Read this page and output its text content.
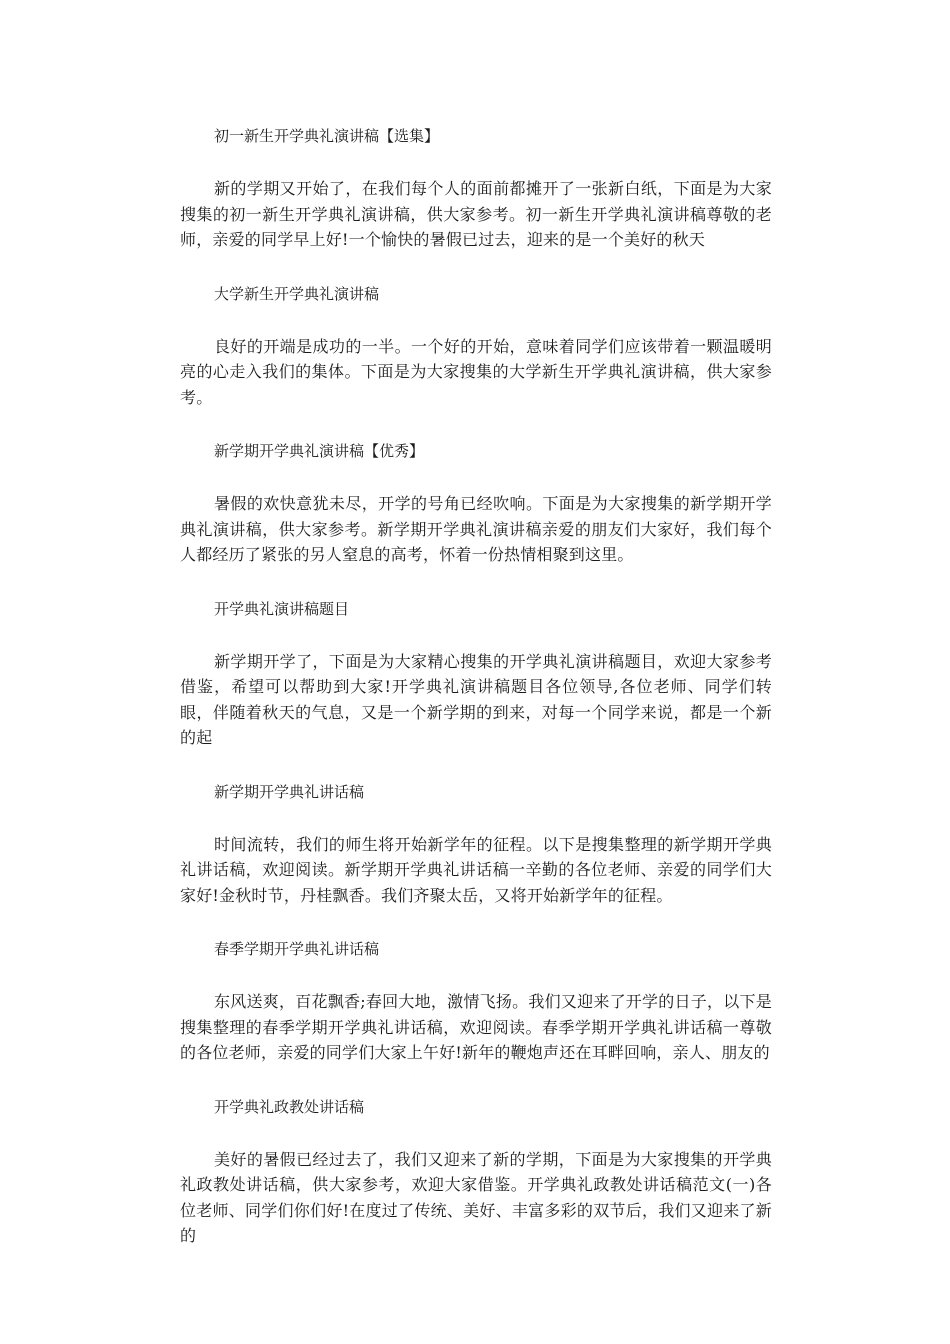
初一新生开学典礼演讲稿【选集】

新的学期又开始了，在我们每个人的面前都摊开了一张新白纸，下面是为大家搜集的初一新生开学典礼演讲稿，供大家参考。初一新生开学典礼演讲稿尊敬的老师，亲爱的同学早上好!一个愉快的暑假已过去，迎来的是一个美好的秋天

大学新生开学典礼演讲稿

良好的开端是成功的一半。一个好的开始，意味着同学们应该带着一颗温暖明亮的心走入我们的集体。下面是为大家搜集的大学新生开学典礼演讲稿，供大家参考。

新学期开学典礼演讲稿【优秀】

暑假的欢快意犹未尽，开学的号角已经吹响。下面是为大家搜集的新学期开学典礼演讲稿，供大家参考。新学期开学典礼演讲稿亲爱的朋友们大家好，我们每个人都经历了紧张的另人窒息的高考，怀着一份热情相聚到这里。

开学典礼演讲稿题目

新学期开学了，下面是为大家精心搜集的开学典礼演讲稿题目，欢迎大家参考借鉴，希望可以帮助到大家!开学典礼演讲稿题目各位领导,各位老师、同学们转眼，伴随着秋天的气息，又是一个新学期的到来，对每一个同学来说，都是一个新的起

新学期开学典礼讲话稿

时间流转，我们的师生将开始新学年的征程。以下是搜集整理的新学期开学典礼讲话稿，欢迎阅读。新学期开学典礼讲话稿一辛勤的各位老师、亲爱的同学们大家好!金秋时节，丹桂飘香。我们齐聚太岳，又将开始新学年的征程。

春季学期开学典礼讲话稿

东风送爽，百花飘香;春回大地，激情飞扬。我们又迎来了开学的日子，以下是搜集整理的春季学期开学典礼讲话稿，欢迎阅读。春季学期开学典礼讲话稿一尊敬的各位老师，亲爱的同学们大家上午好!新年的鞭炮声还在耳畔回响，亲人、朋友的

开学典礼政教处讲话稿

美好的暑假已经过去了，我们又迎来了新的学期，下面是为大家搜集的开学典礼政教处讲话稿，供大家参考，欢迎大家借鉴。开学典礼政教处讲话稿范文(一)各位老师、同学们你们好!在度过了传统、美好、丰富多彩的双节后，我们又迎来了新的
